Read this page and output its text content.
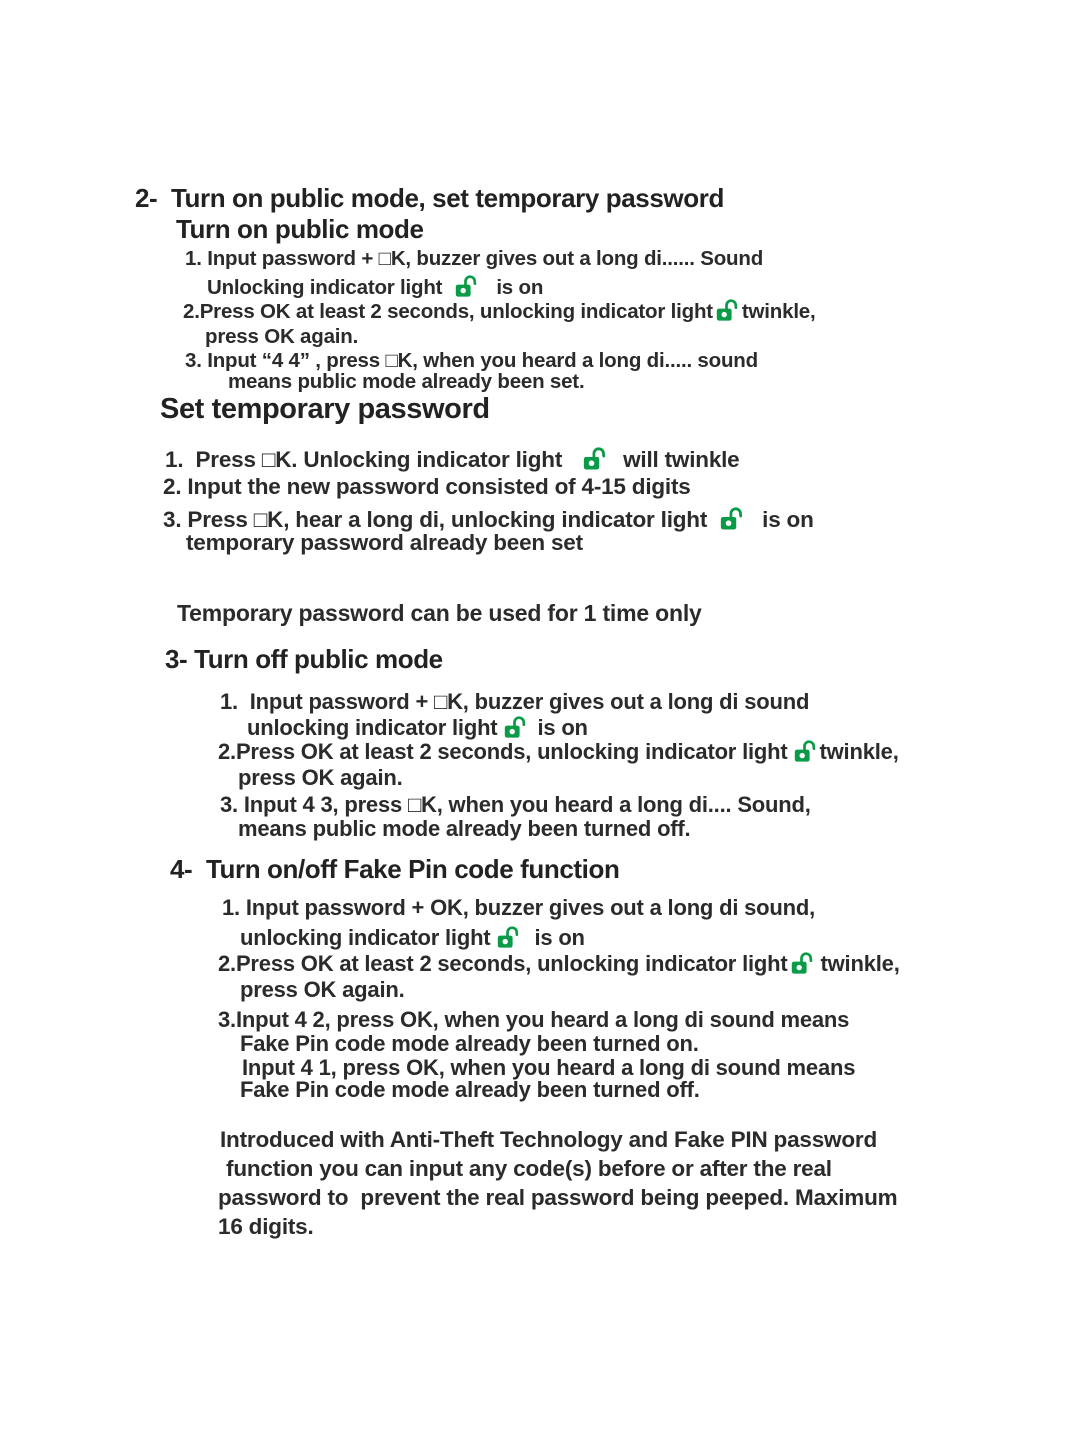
2-  Turn on public mode, set temporary password
Turn on public mode
1. Input password + □K, buzzer gives out a long di...... Sound
Unlocking indicator light	is on
2.Press OK at least 2 seconds, unlocking indicator light twinkle,
press OK again.
3. Input “4 4” , press □K, when you heard a long di..... sound
means public mode already been set.
Set temporary password
1.  Press □K. Unlocking indicator light	will twinkle
2. Input the new password consisted of 4-15 digits
3. Press □K, hear a long di, unlocking indicator light is on
temporary password already been set
Temporary password can be used for 1 time only
3- Turn off public mode
1.  Input password + □K, buzzer gives out a long di sound
unlocking indicator light is on
2.Press OK at least 2 seconds, unlocking indicator light twinkle,
press OK again.
3. Input 4 3, press □K, when you heard a long di.... Sound,
means public mode already been turned off.
4-  Turn on/off Fake Pin code function
1. Input password + OK, buzzer gives out a long di sound,
unlocking indicator light is on
2.Press OK at least 2 seconds, unlocking indicator light twinkle,
press OK again.
3.Input 4 2, press OK, when you heard a long di sound means
Fake Pin code mode already been turned on.
Input 4 1, press OK, when you heard a long di sound means
Fake Pin code mode already been turned off.
Introduced with Anti-Theft Technology and Fake PIN password
function you can input any code(s) before or after the real
password to  prevent the real password being peeped. Maximum
16 digits.
